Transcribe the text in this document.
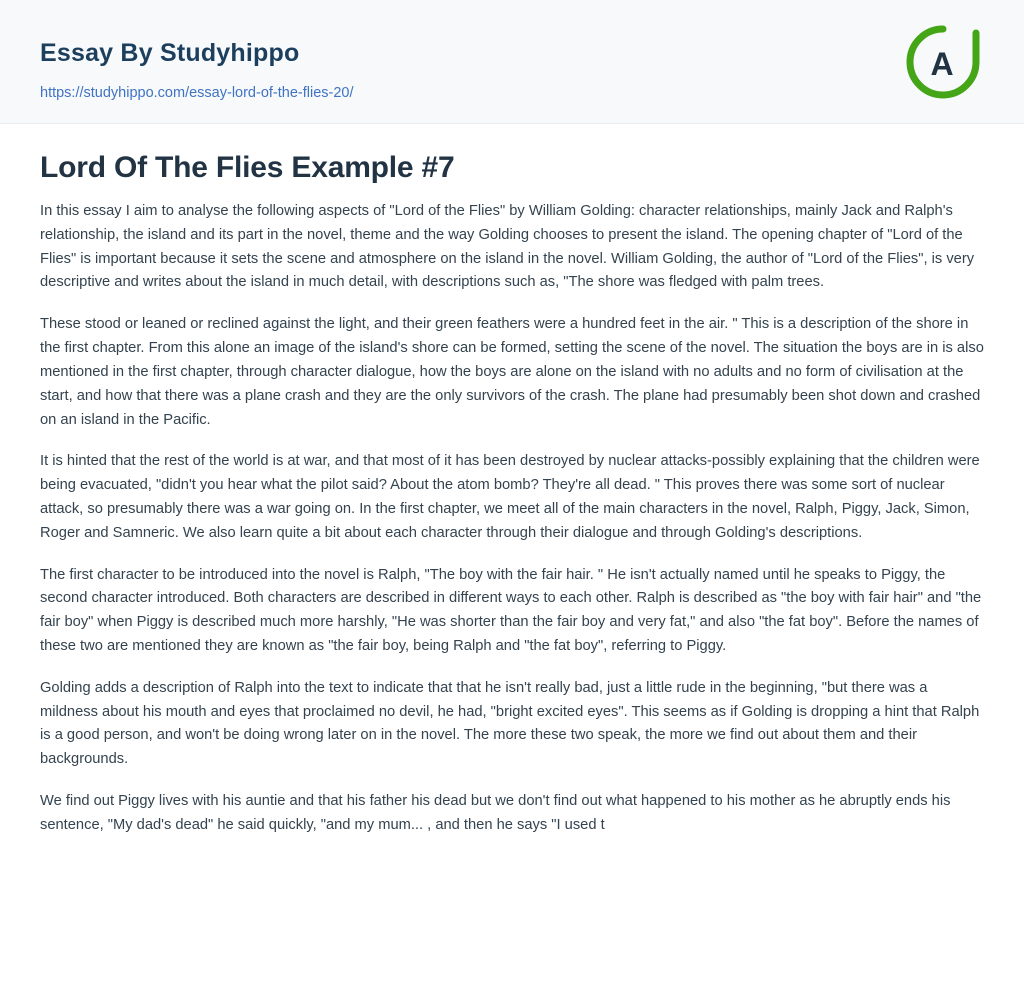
Essay By Studyhippo
https://studyhippo.com/essay-lord-of-the-flies-20/
A
Lord Of The Flies Example #7

In this essay I aim to analyse the following aspects of "Lord of the Flies" by William Golding: character relationships, mainly Jack and Ralph's relationship, the island and its part in the novel, theme and the way Golding chooses to present the island. The opening chapter of "Lord of the Flies" is important because it sets the scene and atmosphere on the island in the novel. William Golding, the author of "Lord of the Flies", is very descriptive and writes about the island in much detail, with descriptions such as, "The shore was fledged with palm trees.

These stood or leaned or reclined against the light, and their green feathers were a hundred feet in the air. " This is a description of the shore in the first chapter. From this alone an image of the island's shore can be formed, setting the scene of the novel. The situation the boys are in is also mentioned in the first chapter, through character dialogue, how the boys are alone on the island with no adults and no form of civilisation at the start, and how that there was a plane crash and they are the only survivors of the crash. The plane had presumably been shot down and crashed on an island in the Pacific.

It is hinted that the rest of the world is at war, and that most of it has been destroyed by nuclear attacks-possibly explaining that the children were being evacuated, "didn't you hear what the pilot said? About the atom bomb? They're all dead. " This proves there was some sort of nuclear attack, so presumably there was a war going on. In the first chapter, we meet all of the main characters in the novel, Ralph, Piggy, Jack, Simon, Roger and Samneric. We also learn quite a bit about each character through their dialogue and through Golding's descriptions.

The first character to be introduced into the novel is Ralph, "The boy with the fair hair. " He isn't actually named until he speaks to Piggy, the second character introduced. Both characters are described in different ways to each other. Ralph is described as "the boy with fair hair" and "the fair boy" when Piggy is described much more harshly, "He was shorter than the fair boy and very fat," and also "the fat boy". Before the names of these two are mentioned they are known as "the fair boy, being Ralph and "the fat boy", referring to Piggy.

Golding adds a description of Ralph into the text to indicate that that he isn't really bad, just a little rude in the beginning, "but there was a mildness about his mouth and eyes that proclaimed no devil, he had, "bright excited eyes". This seems as if Golding is dropping a hint that Ralph is a good person, and won't be doing wrong later on in the novel. The more these two speak, the more we find out about them and their backgrounds.

We find out Piggy lives with his auntie and that his father his dead but we don't find out what happened to his mother as he abruptly ends his sentence, "My dad's dead" he said quickly, "and my mum... , and then he says "I used t
